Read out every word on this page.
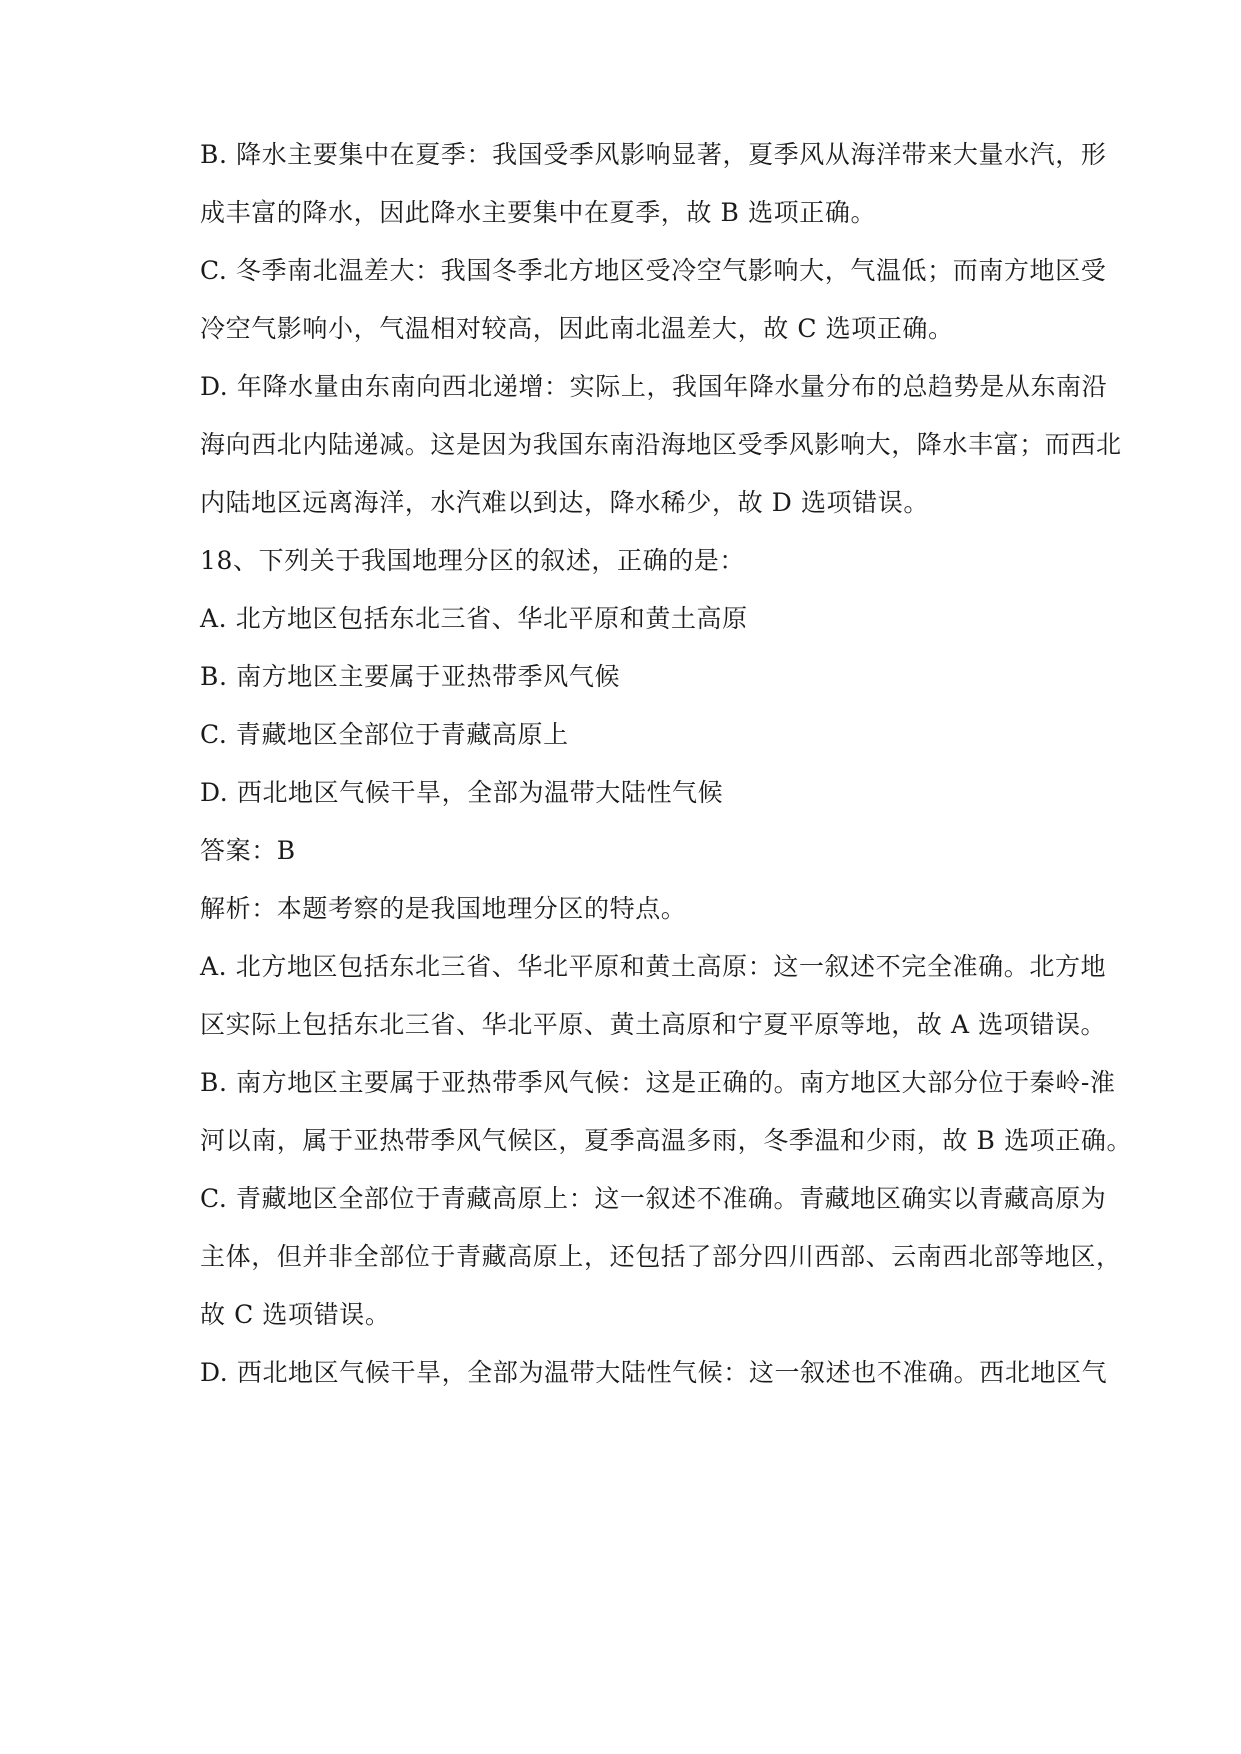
B. 降水主要集中在夏季：我国受季风影响显著，夏季风从海洋带来大量水汽，形
成丰富的降水，因此降水主要集中在夏季，故 B 选项正确。
C. 冬季南北温差大：我国冬季北方地区受冷空气影响大，气温低；而南方地区受
冷空气影响小，气温相对较高，因此南北温差大，故 C 选项正确。
D. 年降水量由东南向西北递增：实际上，我国年降水量分布的总趋势是从东南沿
海向西北内陆递减。这是因为我国东南沿海地区受季风影响大，降水丰富；而西北
内陆地区远离海洋，水汽难以到达，降水稀少，故 D 选项错误。
18、下列关于我国地理分区的叙述，正确的是：
A. 北方地区包括东北三省、华北平原和黄土高原
B. 南方地区主要属于亚热带季风气候
C. 青藏地区全部位于青藏高原上
D. 西北地区气候干旱，全部为温带大陆性气候
答案：B
解析：本题考察的是我国地理分区的特点。
A. 北方地区包括东北三省、华北平原和黄土高原：这一叙述不完全准确。北方地
区实际上包括东北三省、华北平原、黄土高原和宁夏平原等地，故 A 选项错误。
B. 南方地区主要属于亚热带季风气候：这是正确的。南方地区大部分位于秦岭-淮
河以南，属于亚热带季风气候区，夏季高温多雨，冬季温和少雨，故 B 选项正确。
C. 青藏地区全部位于青藏高原上：这一叙述不准确。青藏地区确实以青藏高原为
主体，但并非全部位于青藏高原上，还包括了部分四川西部、云南西北部等地区，
故 C 选项错误。
D. 西北地区气候干旱，全部为温带大陆性气候：这一叙述也不准确。西北地区气
